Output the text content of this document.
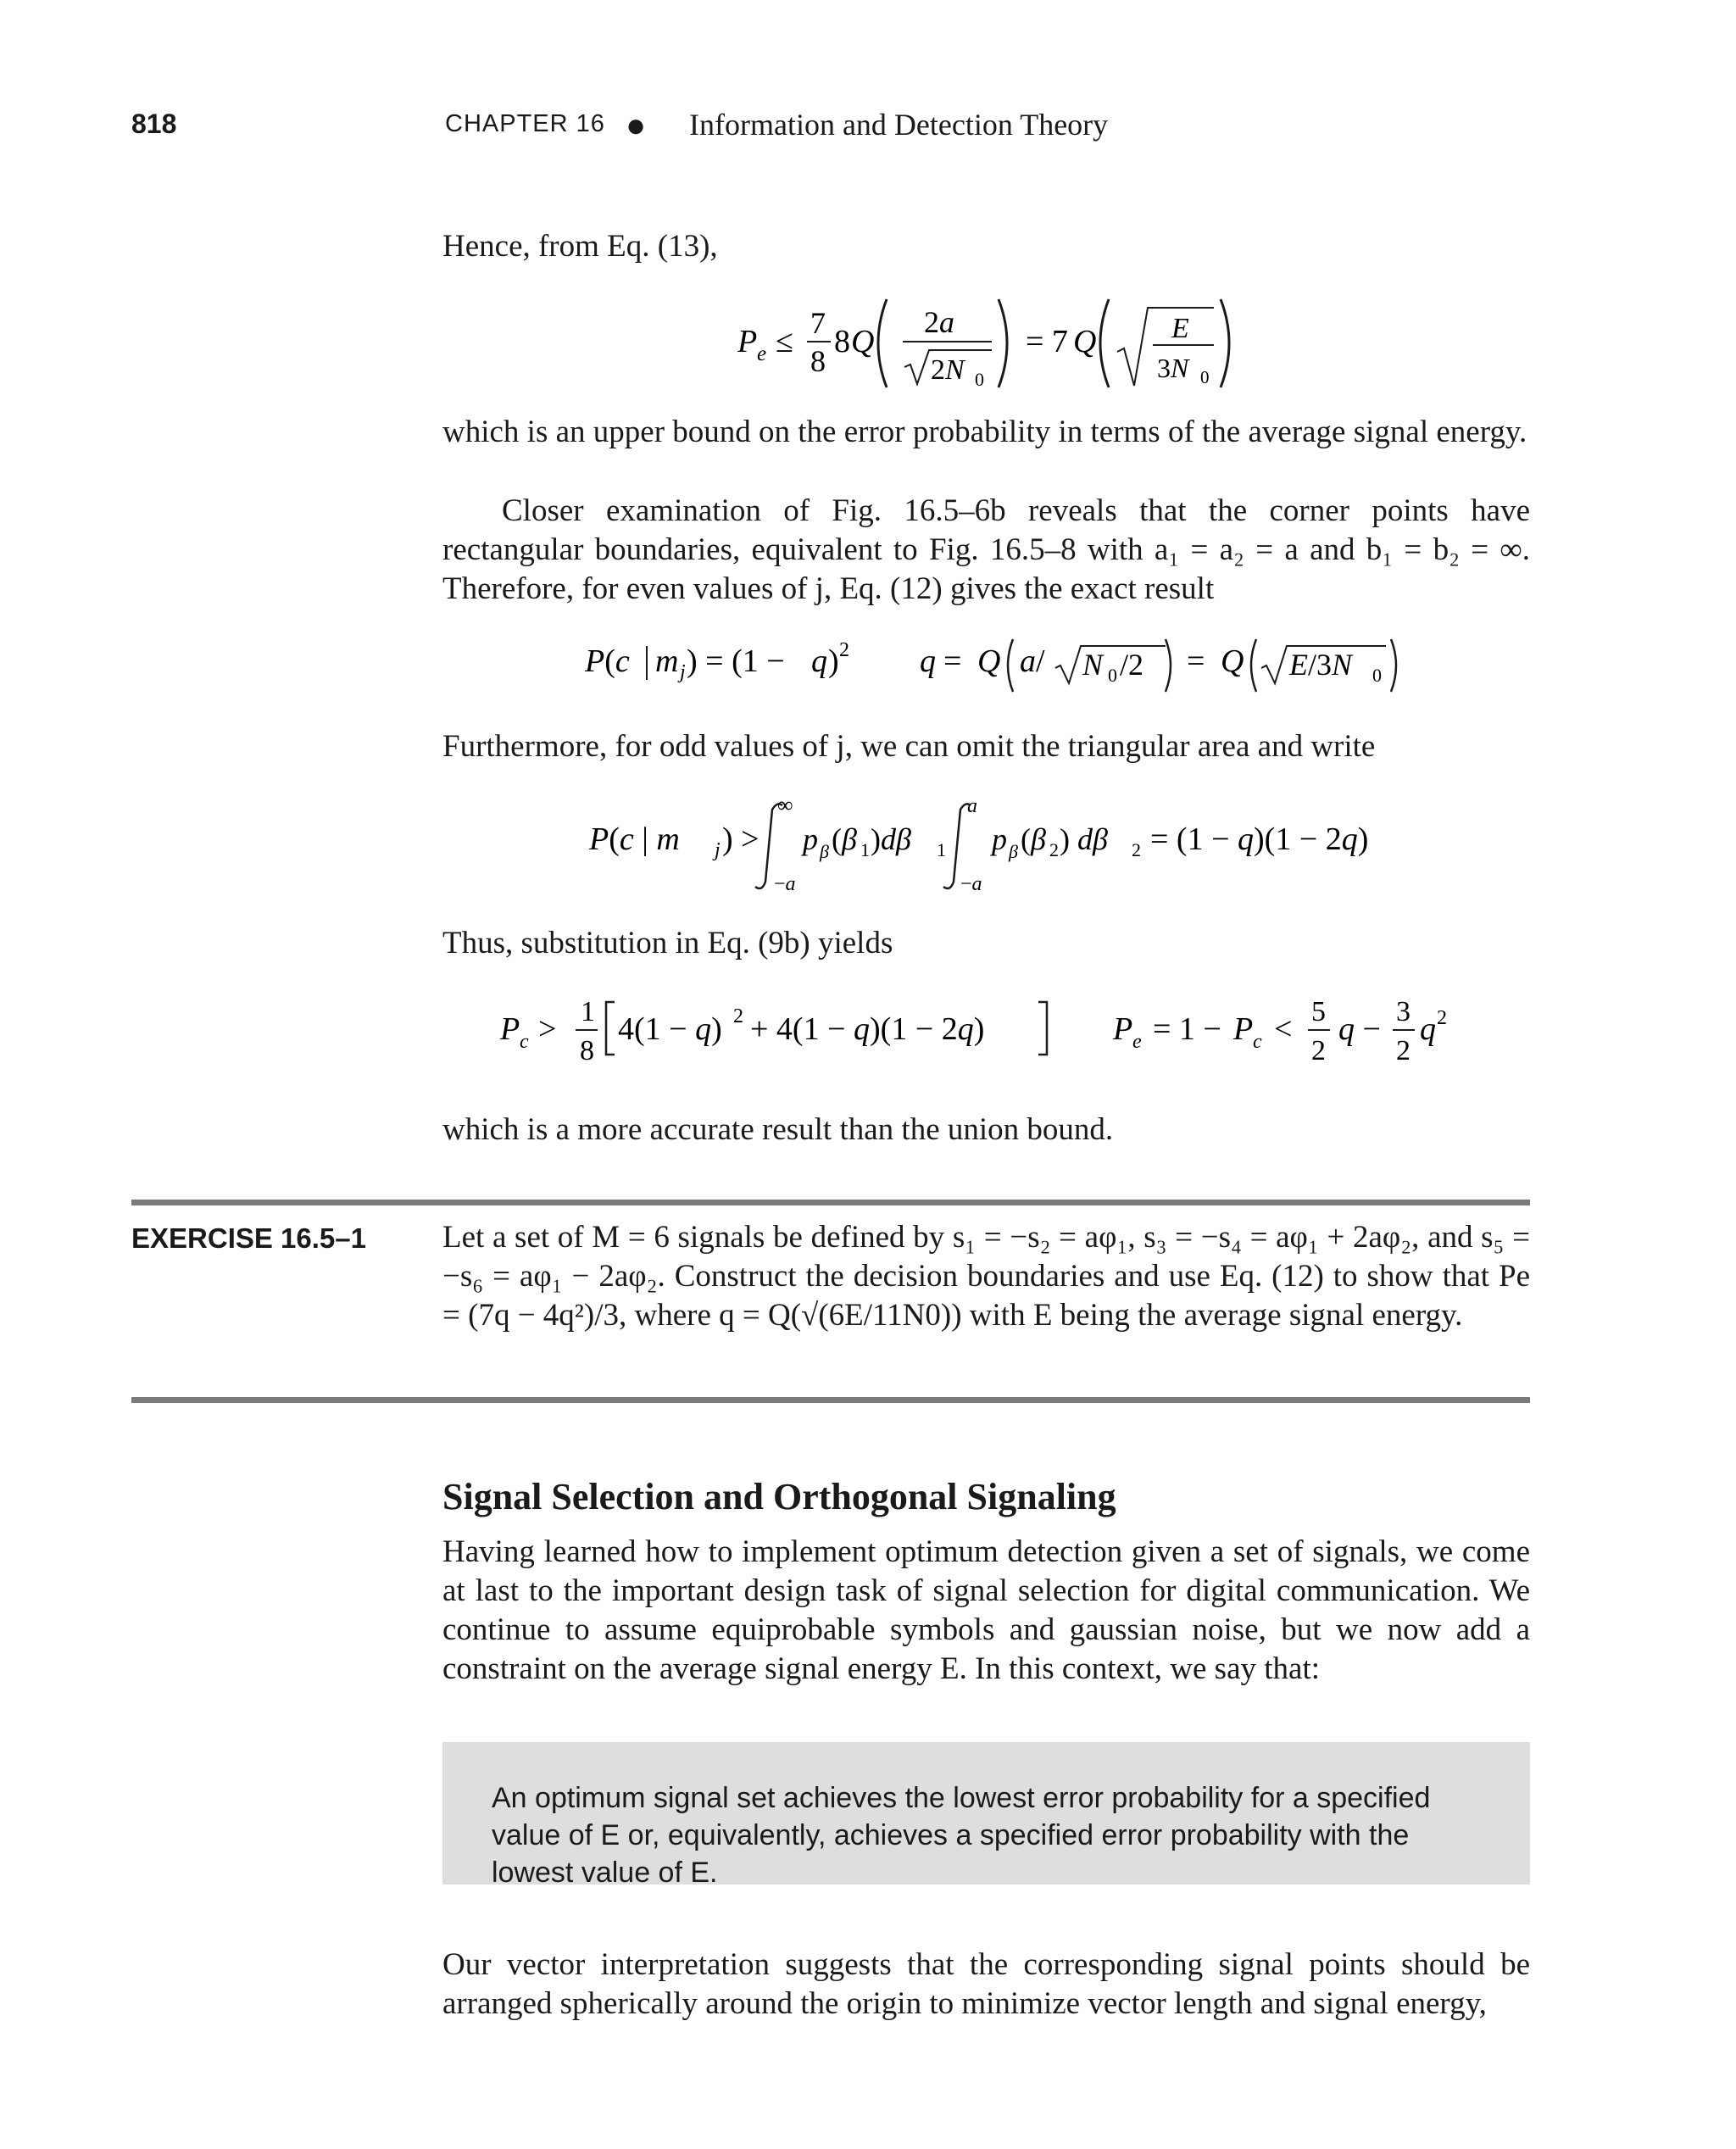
818	CHAPTER 16 ● Information and Detection Theory

Hence, from Eq. (13),

P e ≤
7
8
8 Q
2a
2N 0
= 7 Q	E
3N 0

which is an upper bound on the error probability in terms of the average signal energy.

Closer examination of Fig. 16.5–6b reveals that the corner points have rectangular boundaries, equivalent to Fig. 16.5–8 with a₁ = a₂ = a and b₁ = b₂ = ∞. Therefore, for even values of j, Eq. (12) gives the exact result

P(c m j ) = (1 − q ) 2 q = Q a/ N 0 /2 = Q E/3N 0

Furthermore, for odd values of j, we can omit the triangular area and write

P(c | m j ) >
∞
−a
p β (β 1 )dβ 1
a
−a
p β (β 2 ) dβ 2 = (1 − q)(1 − 2q)

Thus, substitution in Eq. (9b) yields

P c > 1
8
4(1 − q) 2 + 4(1 − q)(1 − 2q)	P e = 1 − P c < 5
2
q − 3
2
q 2

which is a more accurate result than the union bound.

EXERCISE 16.5–1 Let a set of M = 6 signals be defined by s₁ = −s₂ = aφ₁, s₃ = −s₄ = aφ₁ + 2aφ₂, and s₅ = −s₆ = aφ₁ − 2aφ₂. Construct the decision boundaries and use Eq. (12) to show that Pe = (7q − 4q²)/3, where q = Q(√(6E/11N0)) with E being the average signal energy.

Signal Selection and Orthogonal Signaling

Having learned how to implement optimum detection given a set of signals, we come at last to the important design task of signal selection for digital communication. We continue to assume equiprobable symbols and gaussian noise, but we now add a constraint on the average signal energy E. In this context, we say that:

An optimum signal set achieves the lowest error probability for a specified value of E or, equivalently, achieves a specified error probability with the lowest value of E.

Our vector interpretation suggests that the corresponding signal points should be arranged spherically around the origin to minimize vector length and signal energy,
